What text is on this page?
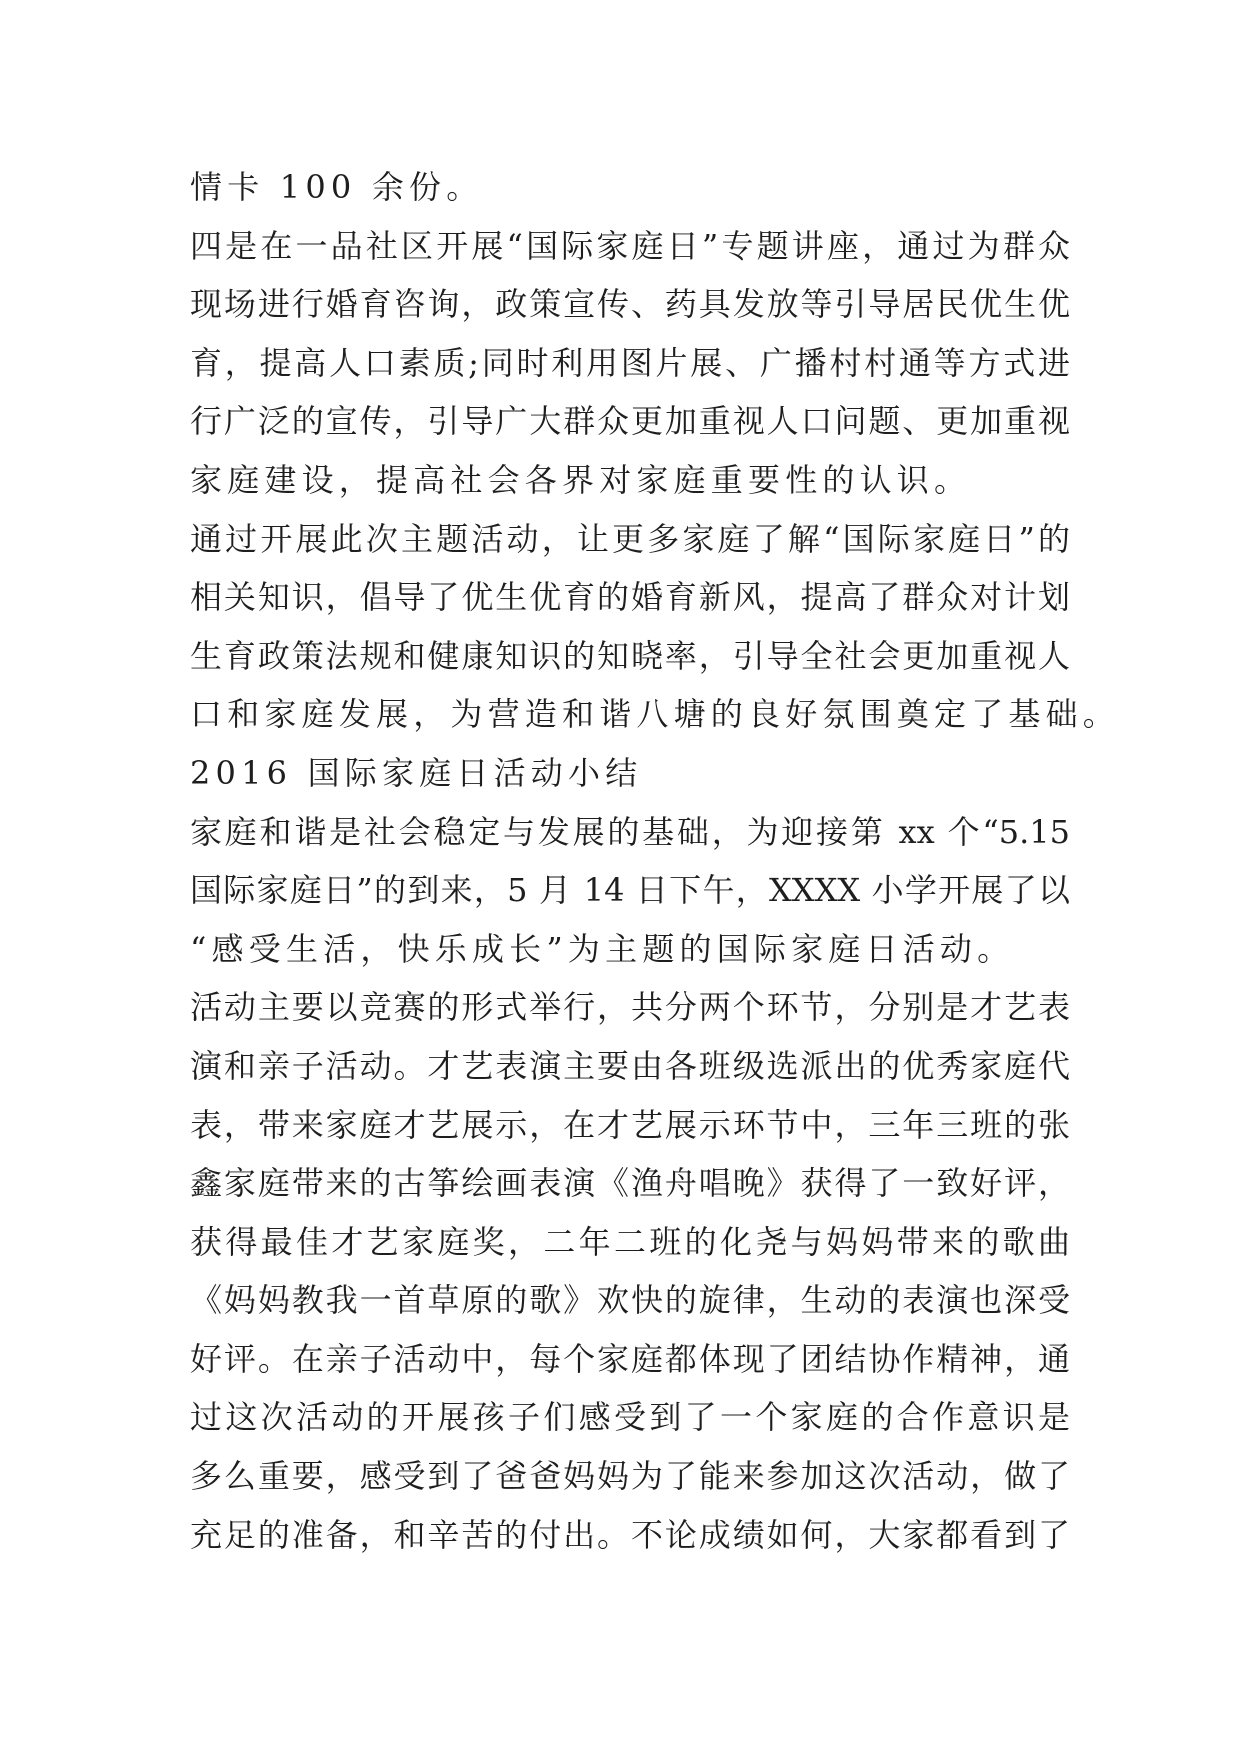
情卡 100 余份。
四是在一品社区开展“国际家庭日”专题讲座，通过为群众
现场进行婚育咨询，政策宣传、药具发放等引导居民优生优
育，提高人口素质;同时利用图片展、广播村村通等方式进
行广泛的宣传，引导广大群众更加重视人口问题、更加重视
家庭建设，提高社会各界对家庭重要性的认识。
通过开展此次主题活动，让更多家庭了解“国际家庭日”的
相关知识，倡导了优生优育的婚育新风，提高了群众对计划
生育政策法规和健康知识的知晓率，引导全社会更加重视人
口和家庭发展，为营造和谐八塘的良好氛围奠定了基础。
2016 国际家庭日活动小结
家庭和谐是社会稳定与发展的基础，为迎接第 xx 个“5.15
国际家庭日”的到来，5 月 14 日下午，XXXX 小学开展了以
“感受生活，快乐成长”为主题的国际家庭日活动。
活动主要以竞赛的形式举行，共分两个环节，分别是才艺表
演和亲子活动。才艺表演主要由各班级选派出的优秀家庭代
表，带来家庭才艺展示，在才艺展示环节中，三年三班的张
鑫家庭带来的古筝绘画表演《渔舟唱晚》获得了一致好评，
获得最佳才艺家庭奖，二年二班的化尧与妈妈带来的歌曲
《妈妈教我一首草原的歌》欢快的旋律，生动的表演也深受
好评。在亲子活动中，每个家庭都体现了团结协作精神，通
过这次活动的开展孩子们感受到了一个家庭的合作意识是
多么重要，感受到了爸爸妈妈为了能来参加这次活动，做了
充足的准备，和辛苦的付出。不论成绩如何，大家都看到了
